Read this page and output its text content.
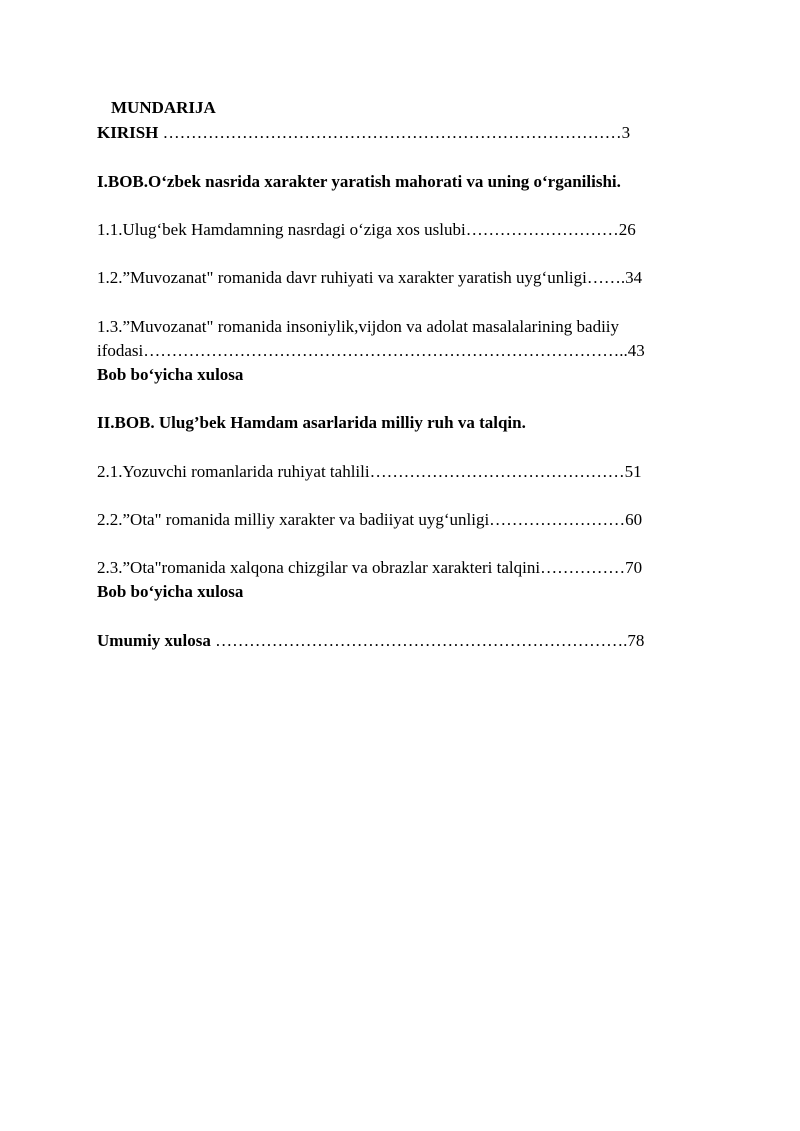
MUNDARIJA
KIRISH ………………………………………………………………………3
I.BOB.O‘zbek nasrida xarakter yaratish mahorati va uning o‘rganilishi.
1.1.Ulug‘bek Hamdamning nasrdagi o‘ziga xos uslubi………………………26
1.2.”Muvozanat" romanida davr ruhiyati va xarakter yaratish uyg‘unligi…….34
1.3.”Muvozanat" romanida insoniylik,vijdon va adolat masalalarining badiiy
ifodasi…………………………………………………………………………..43
Bob bo‘yicha xulosa
II.BOB. Ulug’bek Hamdam asarlarida milliy ruh va talqin.
2.1.Yozuvchi romanlarida ruhiyat tahlili………………………………………51
2.2.”Ota" romanida milliy xarakter va badiiyat uyg‘unligi……………………60
2.3.”Ota"romanida xalqona chizgilar va obrazlar xarakteri talqini……………70
Bob bo‘yicha xulosa
Umumiy xulosa ……………………………………………………………….78
